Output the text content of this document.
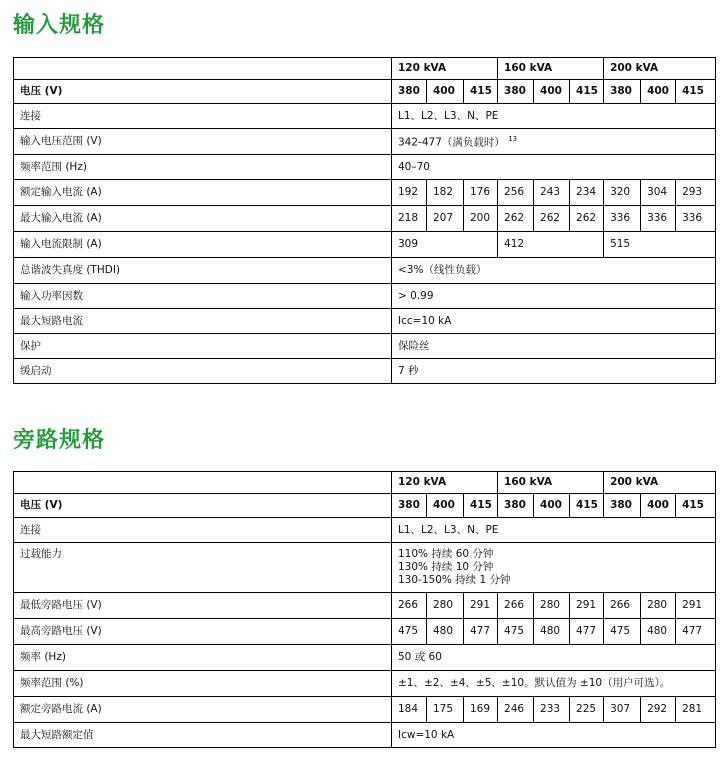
输入规格
	120 kVA			160 kVA			200 kVA		
电压 (V)	380	400	415	380	400	415	380	400	415
连接	L1、L2、L3、N、PE								
输入电压范围 (V)	342-477（满负载时） $^{13}$
频率范围 (Hz)	40–70								
额定输入电流 (A)	192	182	176	256	243	234	320	304	293
最大输入电流 (A)	218	207	200	262	262	262	336	336	336
输入电流限制 (A)	309			412			515		
总谐波失真度 (THDI)	<3%（线性负载）								
输入功率因数	> 0.99								
最大短路电流	Icc=10 kA								
保护	保险丝								
缓启动	7 秒								
旁路规格
	120 kVA			160 kVA			200 kVA		
电压 (V)	380	400	415	380	400	415	380	400	415
连接	L1、L2、L3、N、PE								
过载能力	110% 持续 60 分钟
130% 持续 10 分钟
130-150% 持续 1 分钟								
最低旁路电压 (V)	266	280	291	266	280	291	266	280	291
最高旁路电压 (V)	475	480	477	475	480	477	475	480	477
频率 (Hz)	50 或 60								
频率范围 (%)	±1、±2、±4、±5、±10。默认值为 ±10（用户可选）。								
额定旁路电流 (A)	184	175	169	246	233	225	307	292	281
最大短路额定值	Icw=10 kA								
